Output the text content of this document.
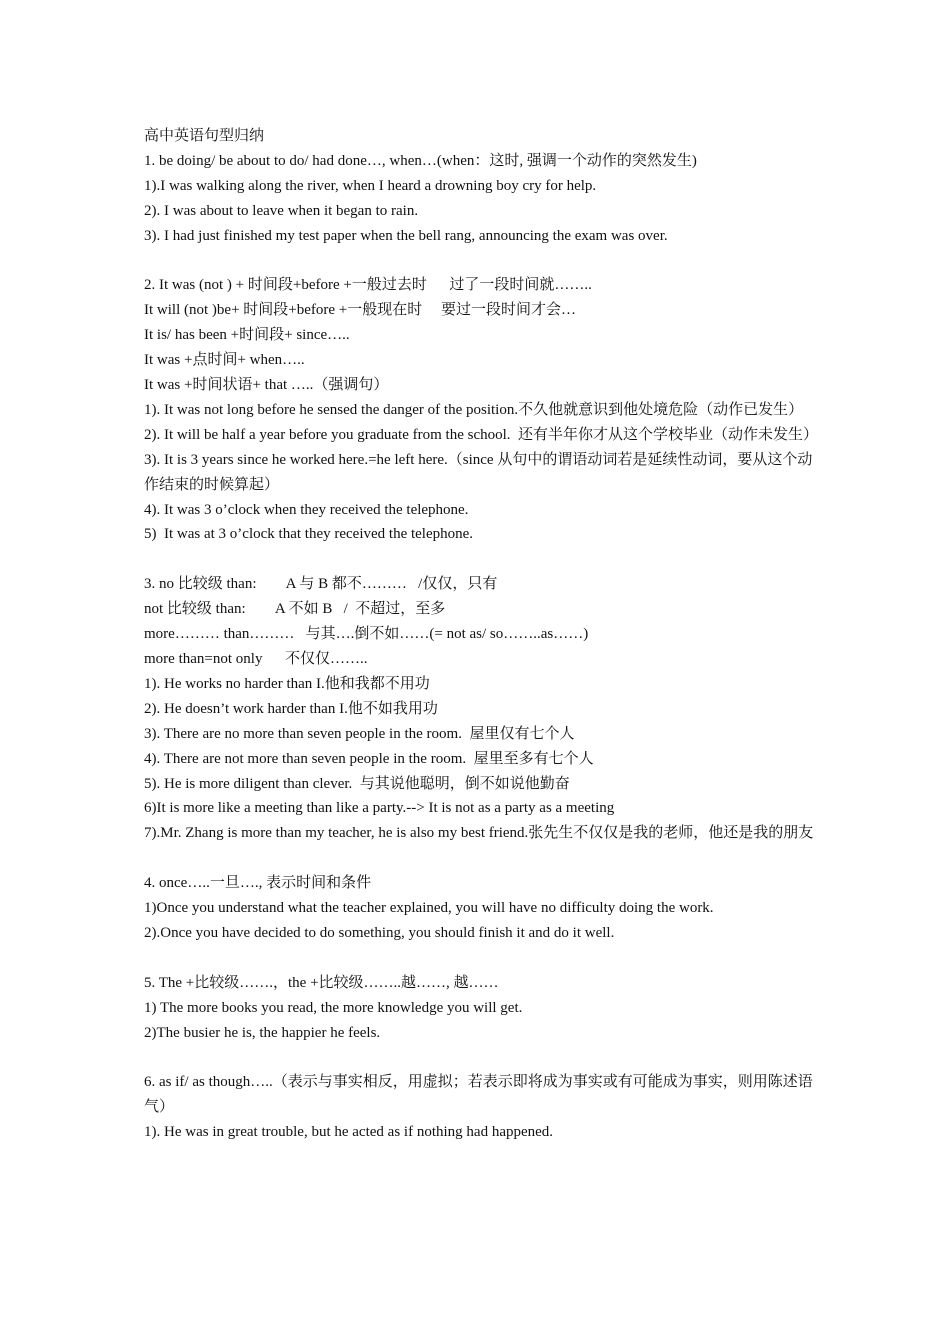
高中英语句型归纳

1. be doing/ be about to do/ had done…, when…(when：这时, 强调一个动作的突然发生)

1).I was walking along the river, when I heard a drowning boy cry for help.

2). I was about to leave when it began to rain.

3). I had just finished my test paper when the bell rang, announcing the exam was over.

2. It was (not ) + 时间段+before +一般过去时      过了一段时间就……..

It will (not )be+ 时间段+before +一般现在时     要过一段时间才会…

It is/ has been +时间段+ since…..

It was +点时间+ when…..

It was +时间状语+ that …..（强调句）

1). It was not long before he sensed the danger of the position.不久他就意识到他处境危险（动作已发生）

2). It will be half a year before you graduate from the school.  还有半年你才从这个学校毕业（动作未发生）

3). It is 3 years since he worked here.=he left here.（since 从句中的谓语动词若是延续性动词，要从这个动作结束的时候算起）

4). It was 3 o’clock when they received the telephone.

5)  It was at 3 o’clock that they received the telephone.

3. no 比较级 than:        A 与 B 都不………   /仅仅，只有

not 比较级 than:        A 不如 B   /  不超过，至多

more……… than………   与其….倒不如……(= not as/ so……..as……)

more than=not only      不仅仅……..

1). He works no harder than I.他和我都不用功

2). He doesn’t work harder than I.他不如我用功

3). There are no more than seven people in the room.  屋里仅有七个人

4). There are not more than seven people in the room.  屋里至多有七个人

5). He is more diligent than clever.  与其说他聪明，倒不如说他勤奋

6)It is more like a meeting than like a party.--> It is not as a party as a meeting

7).Mr. Zhang is more than my teacher, he is also my best friend.张先生不仅仅是我的老师，他还是我的朋友

4. once…..一旦…., 表示时间和条件

1)Once you understand what the teacher explained, you will have no difficulty doing the work.

2).Once you have decided to do something, you should finish it and do it well.

5. The +比较级…….，the +比较级……..越……, 越……

1) The more books you read, the more knowledge you will get.

2)The busier he is, the happier he feels.

6. as if/ as though…..（表示与事实相反，用虚拟；若表示即将成为事实或有可能成为事实，则用陈述语气）

1). He was in great trouble, but he acted as if nothing had happened.
